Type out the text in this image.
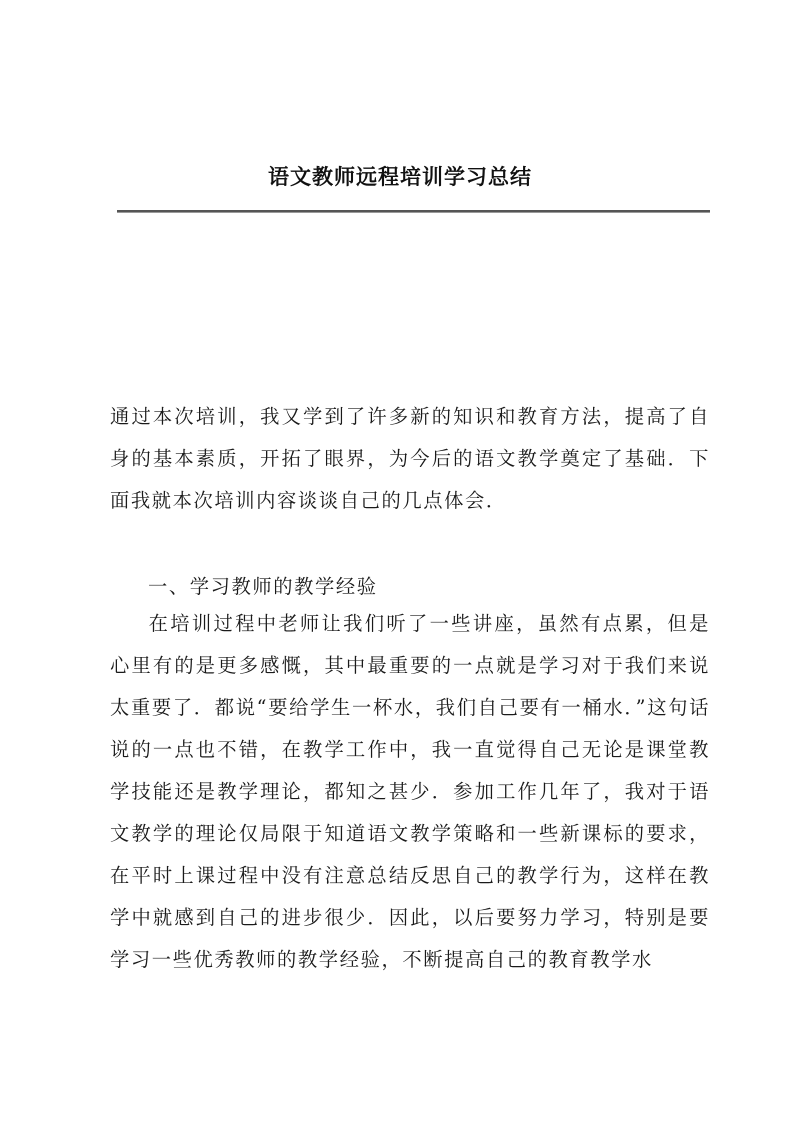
语文教师远程培训学习总结

通过本次培训，我又学到了许多新的知识和教育方法，提高了自身的基本素质，开拓了眼界，为今后的语文教学奠定了基础．下面我就本次培训内容谈谈自己的几点体会．

一、学习教师的教学经验

在培训过程中老师让我们听了一些讲座，虽然有点累，但是心里有的是更多感慨，其中最重要的一点就是学习对于我们来说太重要了．都说“要给学生一杯水，我们自己要有一桶水．”这句话说的一点也不错，在教学工作中，我一直觉得自己无论是课堂教学技能还是教学理论，都知之甚少．参加工作几年了，我对于语文教学的理论仅局限于知道语文教学策略和一些新课标的要求，在平时上课过程中没有注意总结反思自己的教学行为，这样在教学中就感到自己的进步很少．因此，以后要努力学习，特别是要学习一些优秀教师的教学经验，不断提高自己的教育教学水
